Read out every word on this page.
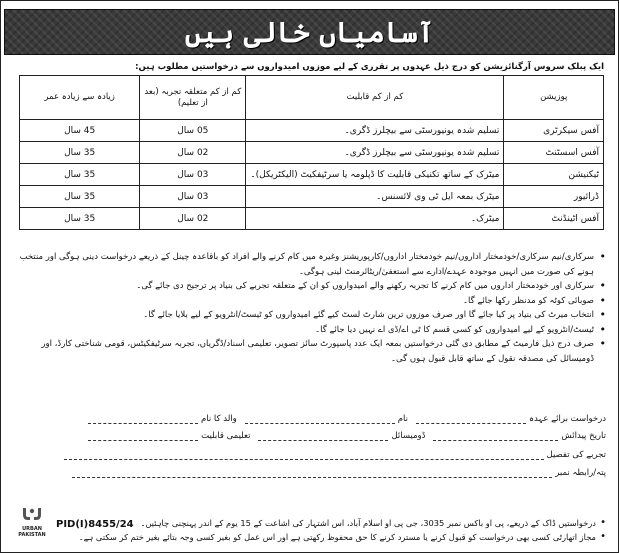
آسامیاں خالی ہیں
ایک پبلک سروس آرگنائزیشن کو درج ذیل عہدوں پر تقرری کے لیے موزوں امیدواروں سے درخواستیں مطلوب ہیں:
پوزیشن	کم از کم قابلیت	کم از کم متعلقہ تجربہ (بعد از تعلیم)	زیادہ سے زیادہ عمر
آفس سیکرٹری	تسلیم شدہ یونیورسٹی سے بیچلرز ڈگری۔	05 سال	45 سال
آفس اسسٹنٹ	تسلیم شدہ یونیورسٹی سے بیچلرز ڈگری۔	02 سال	35 سال
ٹیکنیشن	میٹرک کے ساتھ تکنیکی قابلیت کا ڈپلومہ یا سرٹیفکیٹ (الیکٹریکل)۔	03 سال	35 سال
ڈرائیور	میٹرک بمعہ ایل ٹی وی لائسنس۔	03 سال	35 سال
آفس اٹینڈنٹ	میٹرک۔	02 سال	35 سال
• سرکاری/نیم سرکاری/خودمختار اداروں/نیم خودمختار اداروں/کارپوریشنز وغیرہ میں کام کرنے والے افراد کو باقاعدہ چینل کے ذریعے درخواست دینی ہوگی اور منتخب ہونے کی صورت میں انہیں موجودہ عہدے/ادارے سے استعفیٰ/ریٹائرمنٹ لینی ہوگی۔
• سرکاری اور خودمختار اداروں میں کام کرنے کا تجربہ رکھنے والے امیدواروں کو ان کے متعلقہ تجربے کی بنیاد پر ترجیح دی جائے گی۔
• صوبائی کوٹہ کو مدنظر رکھا جائے گا۔
• انتخاب میرٹ کی بنیاد پر کیا جائے گا اور صرف موزوں ترین شارٹ لسٹ کیے گئے امیدواروں کو ٹیسٹ/انٹرویو کے لیے بلایا جائے گا۔
• ٹیسٹ/انٹرویو کے لیے امیدواروں کو کسی قسم کا ٹی اے/ڈی اے نہیں دیا جائے گا۔
• صرف درج ذیل فارمیٹ کے مطابق دی گئی درخواستیں بمعہ ایک عدد پاسپورٹ سائز تصویر، تعلیمی اسناد/ڈگریاں، تجربہ سرٹیفکیٹس، قومی شناختی کارڈ، اور ڈومیسائل کی مصدقہ نقول کے ساتھ قابل قبول ہوں گی۔
درخواست برائے عہدہ
نام
والد کا نام
تاریخ پیدائش
ڈومیسائل
تعلیمی قابلیت
تجربے کی تفصیل
پتہ/رابطہ نمبر
URBAN
PAKISTAN
PID(I)8455/24 • درخواستیں ڈاک کے ذریعے، پی او باکس نمبر 3035، جی پی او اسلام آباد، اس اشتہار کی اشاعت کے 15 یوم کے اندر پہنچنی چاہئیں۔
• مجاز اتھارٹی کسی بھی درخواست کو قبول کرنے یا مسترد کرنے کا حق محفوظ رکھتی ہے اور اس عمل کو بغیر کسی وجہ بتائے بغیر ختم کر سکتی ہے۔
